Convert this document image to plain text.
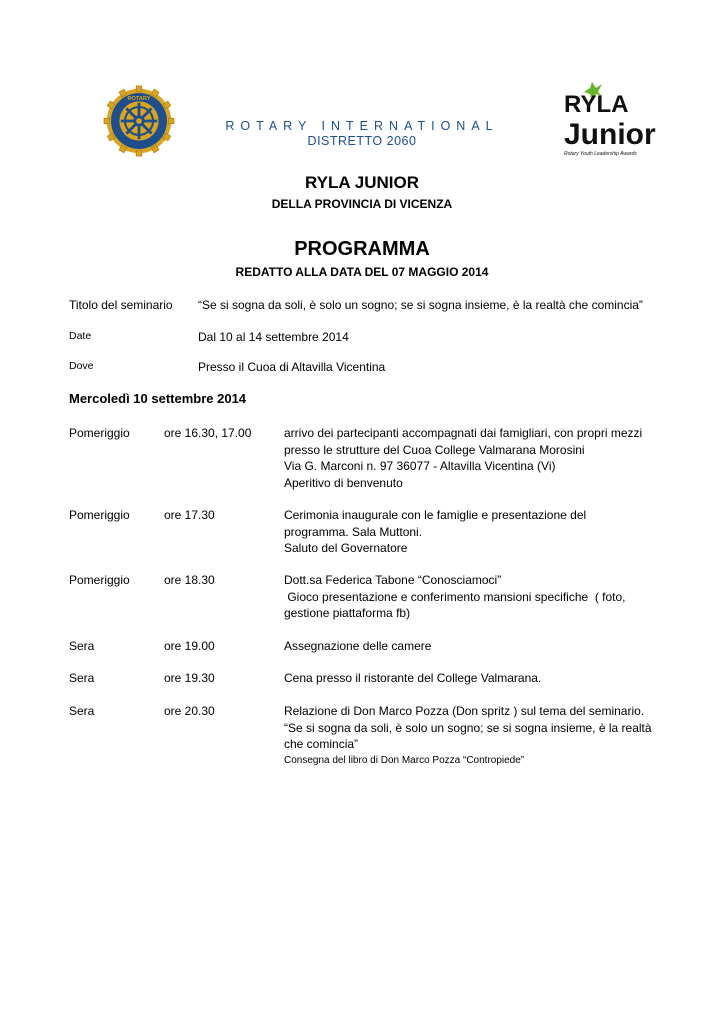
ROTARY
ROTARY INTERNATIONAL
DISTRETTO 2060
RYLA
Junior
Rotary Youth Leadership Awards
RYLA JUNIOR
DELLA PROVINCIA DI VICENZA
PROGRAMMA
REDATTO ALLA DATA DEL 07 MAGGIO 2014
Titolo del seminario “Se si sogna da soli, è solo un sogno; se si sogna insieme, è la realtà che comincia”
Date	Dal 10 al 14 settembre 2014
Dove	Presso il Cuoa di Altavilla Vicentina
Mercoledì 10 settembre 2014
Pomeriggio	ore 16.30, 17.00	arrivo dei partecipanti accompagnati dai famigliari, con propri mezzi
presso le strutture del Cuoa College Valmarana Morosini
Via G. Marconi n. 97 36077 - Altavilla Vicentina (Vi)
Aperitivo di benvenuto
Pomeriggio	ore 17.30	Cerimonia inaugurale con le famiglie e presentazione del
programma. Sala Muttoni.
Saluto del Governatore
Pomeriggio	ore 18.30	Dott.sa Federica Tabone “Conosciamoci”
Gioco presentazione e conferimento mansioni specifiche  ( foto,
gestione piattaforma fb)
Sera	ore 19.00	Assegnazione delle camere
Sera	ore 19.30	Cena presso il ristorante del College Valmarana.
Sera	ore 20.30	Relazione di Don Marco Pozza (Don spritz ) sul tema del seminario.
“Se si sogna da soli, è solo un sogno; se si sogna insieme, è la realtà
che comincia”
Consegna del libro di Don Marco Pozza “Contropiede”
